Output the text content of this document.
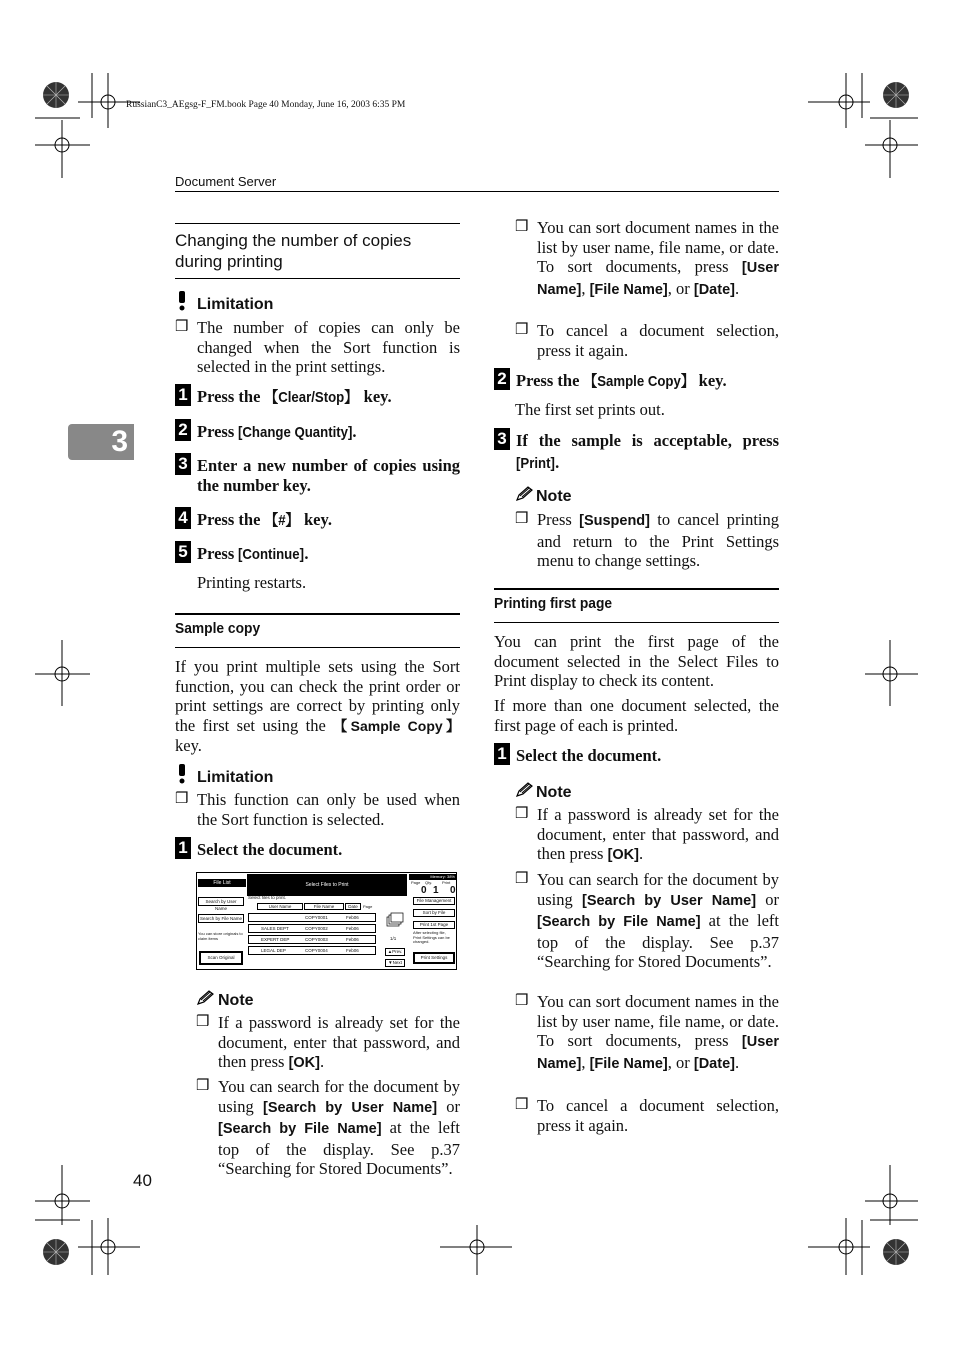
RussianC3_AEgsg-F_FM.book Page 40 Monday, June 16, 2003 6:35 PM
Document Server
3
40
Changing the number of copies during printing
Limitation
❒ The number of copies can only be changed when the Sort function is selected in the print settings.
1 Press the 【Clear/Stop】 key.
2 Press [Change Quantity].
3 Enter a new number of copies using the number key.
4 Press the 【#】 key.
5 Press [Continue].
Printing restarts.
Sample copy
If you print multiple sets using the Sort function, you can check the print order or print settings are correct by printing only the first set using the 【Sample Copy】 key.
Limitation
❒ This function can only be used when the Sort function is selected.
1 Select the document.
File List	Select Files to Print
Memory: 38%
Page Qty. Print
0 1 0
Search by User Name
Search by File Name
You can store originals to claim items
Scan Original
Select files to print.
User Name	File Name	Date	Page
COPY0001	Feb06
SALES DEPT	COPY0002	Feb06
EXPERT DEP	COPY0003	Feb06
LEGAL DEP	COPY0004	Feb06
1/1
▲Prev.
▼Next
File Management
Sort by File
Print 1st Page
After selecting file, Print Settings can be changed.
Print Settings
Note
❒ If a password is already set for the document, enter that password, and then press [OK].
❒ You can search for the document by using [Search by User Name] or [Search by File Name] at the left top of the display. See p.37 “Searching for Stored Documents”.
❒ You can sort document names in the list by user name, file name, or date. To sort documents, press [User Name], [File Name], or [Date].
❒ To cancel a document selection, press it again.
2 Press the 【Sample Copy】 key.
The first set prints out.
3 If the sample is acceptable, press
[Print].
Note
❒ Press [Suspend] to cancel printing and return to the Print Settings menu to change settings.
Printing first page
You can print the first page of the document selected in the Select Files to Print display to check its content.
If more than one document selected, the first page of each is printed.
1 Select the document.
Note
❒ If a password is already set for the document, enter that password, and then press [OK].
❒ You can search for the document by using [Search by User Name] or [Search by File Name] at the left top of the display. See p.37 “Searching for Stored Documents”.
❒ You can sort document names in the list by user name, file name, or date. To sort documents, press [User Name], [File Name], or [Date].
❒ To cancel a document selection, press it again.
